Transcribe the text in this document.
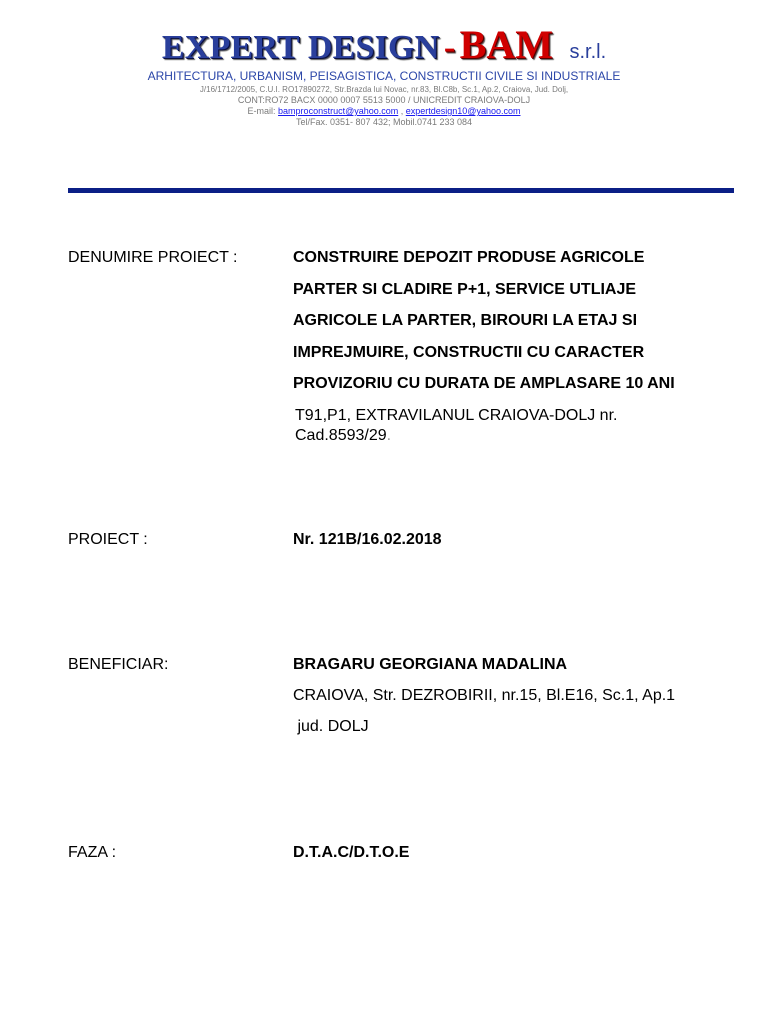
EXPERT DESIGN - BAM s.r.l.
ARHITECTURA, URBANISM, PEISAGISTICA, CONSTRUCTII CIVILE SI INDUSTRIALE
J/16/1712/2005, C.U.I. RO17890272, Str.Brazda lui Novac, nr.83, Bl.C8b, Sc.1, Ap.2, Craiova, Jud. Dolj,
CONT:RO72 BACX 0000 0007 5513 5000 / UNICREDIT CRAIOVA-DOLJ
E-mail: bamproconstruct@yahoo.com , expertdesign10@yahoo.com
Tel/Fax. 0351- 807 432; Mobil.0741 233 084
DENUMIRE PROIECT :	CONSTRUIRE DEPOZIT PRODUSE AGRICOLE
PARTER SI CLADIRE P+1, SERVICE UTLIAJE
AGRICOLE LA PARTER, BIROURI LA ETAJ SI
IMPREJMUIRE, CONSTRUCTII CU CARACTER
PROVIZORIU CU DURATA DE AMPLASARE 10 ANI
T91,P1, EXTRAVILANUL CRAIOVA-DOLJ nr. Cad.8593/29.
PROIECT :	Nr. 121B/16.02.2018
BENEFICIAR:	BRAGARU GEORGIANA MADALINA
CRAIOVA, Str. DEZROBIRII, nr.15, Bl.E16, Sc.1, Ap.1
jud. DOLJ
FAZA :	D.T.A.C/D.T.O.E
